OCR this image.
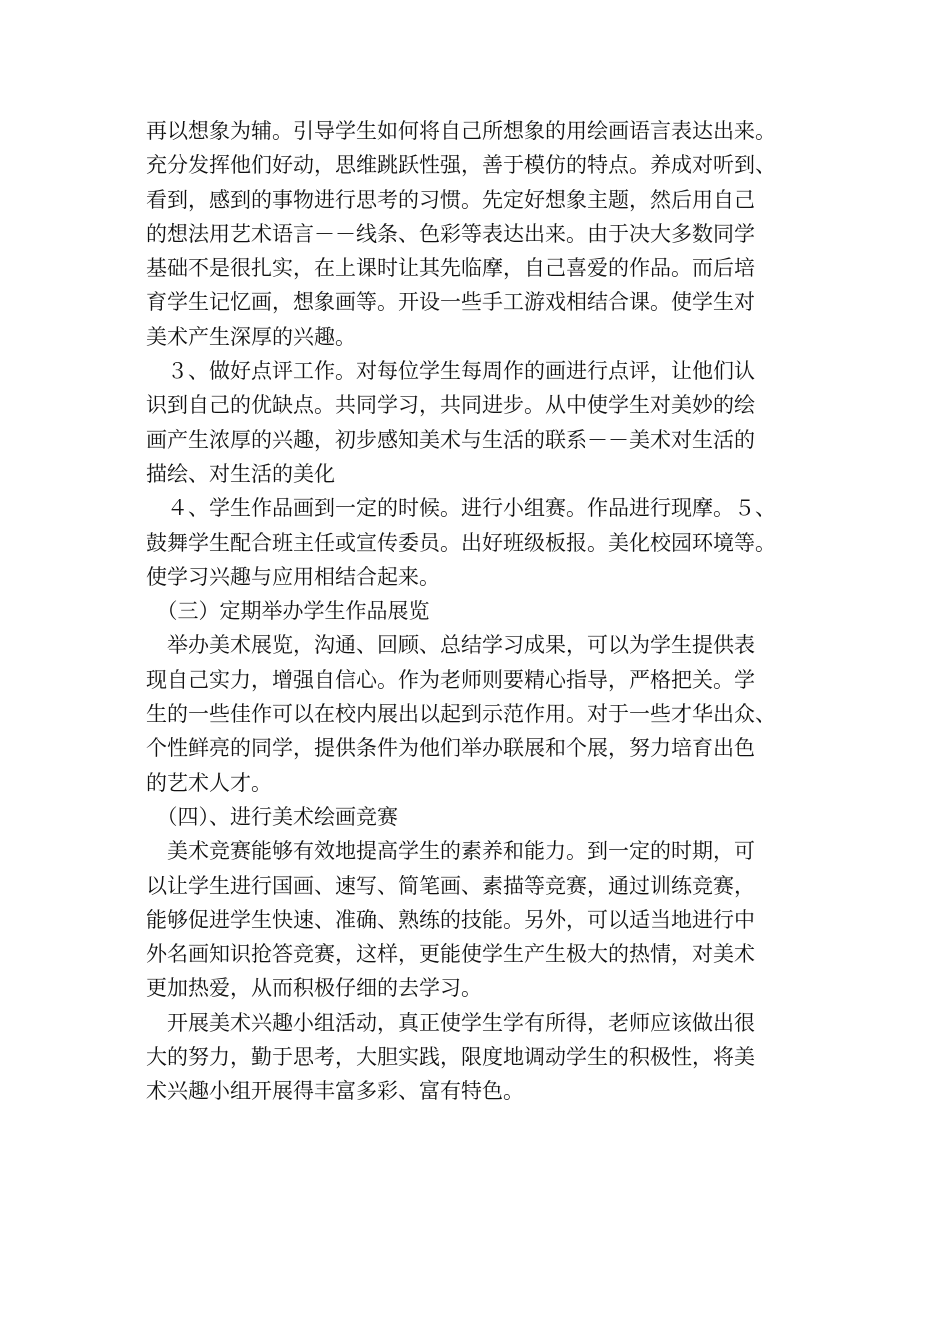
再以想象为辅。引导学生如何将自己所想象的用绘画语言表达出来。
充分发挥他们好动，思维跳跃性强，善于模仿的特点。养成对听到、
看到，感到的事物进行思考的习惯。先定好想象主题，然后用自己
的想法用艺术语言－－线条、色彩等表达出来。由于决大多数同学
基础不是很扎实，在上课时让其先临摩，自己喜爱的作品。而后培
育学生记忆画，想象画等。开设一些手工游戏相结合课。使学生对
美术产生深厚的兴趣。
　３、做好点评工作。对每位学生每周作的画进行点评，让他们认
识到自己的优缺点。共同学习，共同进步。从中使学生对美妙的绘
画产生浓厚的兴趣，初步感知美术与生活的联系－－美术对生活的
描绘、对生活的美化
　４、学生作品画到一定的时候。进行小组赛。作品进行现摩。５、
鼓舞学生配合班主任或宣传委员。出好班级板报。美化校园环境等。
使学习兴趣与应用相结合起来。
　（三）定期举办学生作品展览
　举办美术展览，沟通、回顾、总结学习成果，可以为学生提供表
现自己实力，增强自信心。作为老师则要精心指导，严格把关。学
生的一些佳作可以在校内展出以起到示范作用。对于一些才华出众、
个性鲜亮的同学，提供条件为他们举办联展和个展，努力培育出色
的艺术人才。
　（四）、进行美术绘画竞赛
　美术竞赛能够有效地提高学生的素养和能力。到一定的时期，可
以让学生进行国画、速写、简笔画、素描等竞赛，通过训练竞赛，
能够促进学生快速、准确、熟练的技能。另外，可以适当地进行中
外名画知识抢答竞赛，这样，更能使学生产生极大的热情，对美术
更加热爱，从而积极仔细的去学习。
　开展美术兴趣小组活动，真正使学生学有所得，老师应该做出很
大的努力，勤于思考，大胆实践，限度地调动学生的积极性，将美
术兴趣小组开展得丰富多彩、富有特色。
